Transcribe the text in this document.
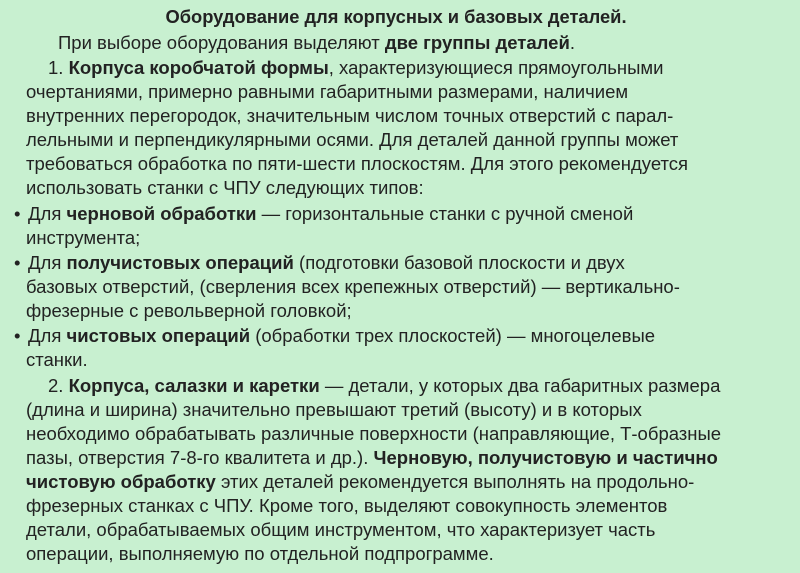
Оборудование для корпусных и базовых деталей.
При выборе оборудования выделяют две группы деталей.
1. Корпуса коробчатой формы, характеризующиеся прямоугольными
очертаниями, примерно равными габаритными размерами, наличием
внутренних перегородок, значительным числом точных отверстий с парал-
лельными и перпендикулярными осями. Для деталей данной группы может
требоваться обработка по пяти-шести плоскостям. Для этого рекомендуется
использовать станки с ЧПУ следующих типов:
• Для черновой обработки — горизонтальные станки с ручной сменой
инструмента;
• Для получистовых операций (подготовки базовой плоскости и двух
базовых отверстий, (сверления всех крепежных отверстий) — вертикально-
фрезерные с револьверной головкой;
• Для чистовых операций (обработки трех плоскостей) — многоцелевые
станки.
2. Корпуса, салазки и каретки — детали, у которых два габаритных размера
(длина и ширина) значительно превышают третий (высоту) и в которых
необходимо обрабатывать различные поверхности (направляющие, Т-образные
пазы, отверстия 7-8-го квалитета и др.). Черновую, получистовую и частично
чистовую обработку этих деталей рекомендуется выполнять на продольно-
фрезерных станках с ЧПУ. Кроме того, выделяют совокупность элементов
детали, обрабатываемых общим инструментом, что характеризует часть
операции, выполняемую по отдельной подпрограмме.
